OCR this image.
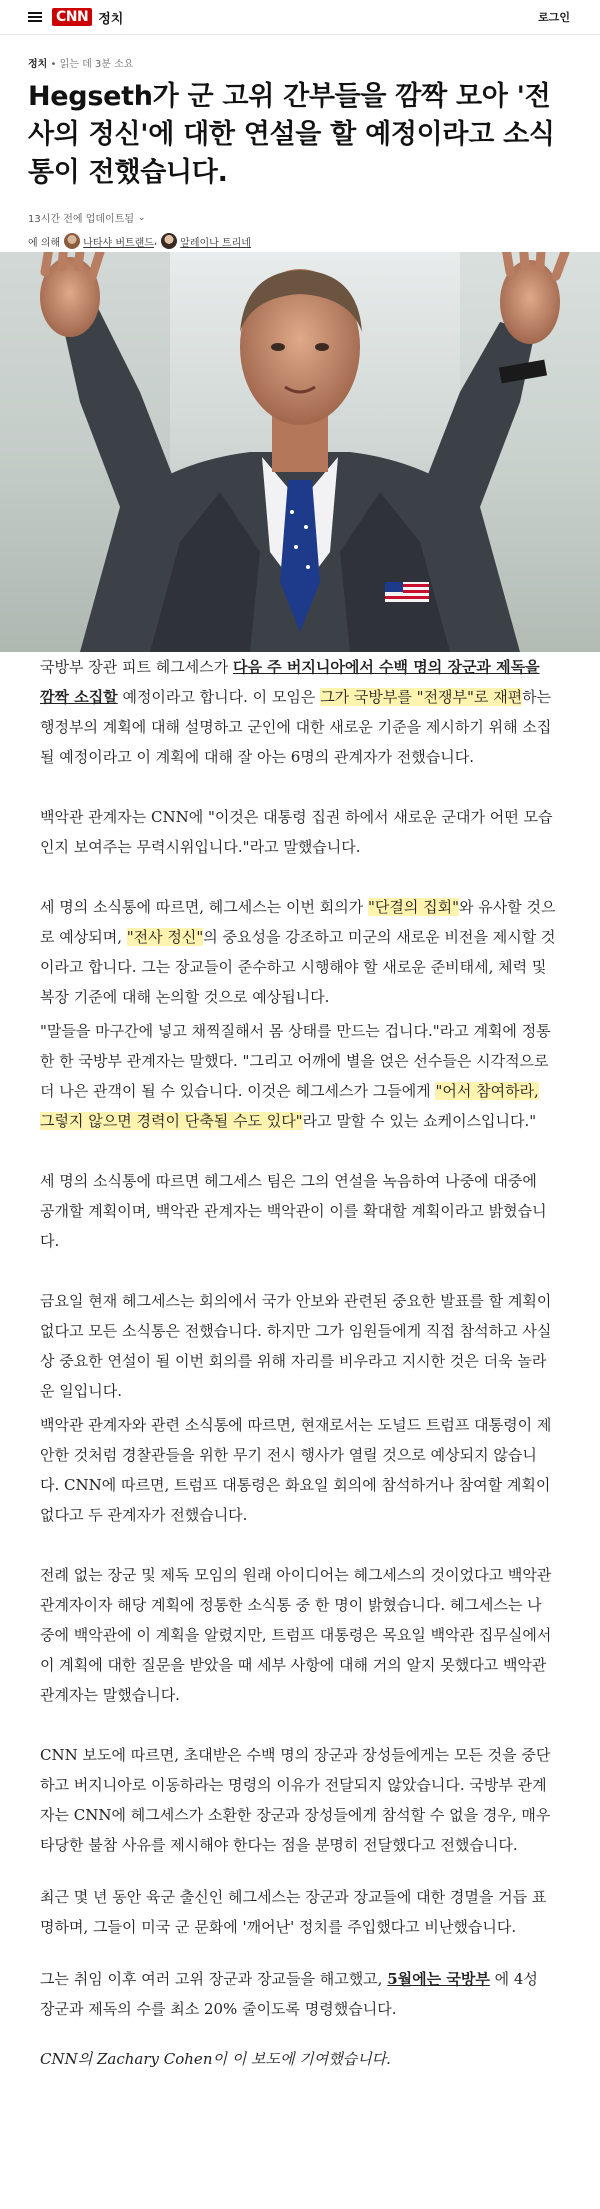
CNN 정치	로그인
정치 • 읽는 데 3분 소요
Hegseth가 군 고위 간부들을 깜짝 모아 '전사의 정신'에 대한 연설을 할 예정이라고 소식통이 전했습니다.
13시간 전에 업데이트됨 ⌄
에 의해 나타샤 버트랜드 , 알레이나 트리네

국방부 장관 피트 헤그세스가 다음 주 버지니아에서 수백 명의 장군과 제독을 깜짝 소집할 예정이라고 합니다. 이 모임은 그가 국방부를 "전쟁부"로 재편하는 행정부의 계획에 대해 설명하고 군인에 대한 새로운 기준을 제시하기 위해 소집될 예정이라고 이 계획에 대해 잘 아는 6명의 관계자가 전했습니다.

백악관 관계자는 CNN에 "이것은 대통령 집권 하에서 새로운 군대가 어떤 모습인지 보여주는 무력시위입니다."라고 말했습니다.

세 명의 소식통에 따르면, 헤그세스는 이번 회의가 "단결의 집회"와 유사할 것으로 예상되며, "전사 정신"의 중요성을 강조하고 미군의 새로운 비전을 제시할 것이라고 합니다. 그는 장교들이 준수하고 시행해야 할 새로운 준비태세, 체력 및 복장 기준에 대해 논의할 것으로 예상됩니다.

"말들을 마구간에 넣고 채찍질해서 몸 상태를 만드는 겁니다."라고 계획에 정통한 한 국방부 관계자는 말했다. "그리고 어깨에 별을 얹은 선수들은 시각적으로 더 나은 관객이 될 수 있습니다. 이것은 헤그세스가 그들에게 "어서 참여하라, 그렇지 않으면 경력이 단축될 수도 있다"라고 말할 수 있는 쇼케이스입니다."

세 명의 소식통에 따르면 헤그세스 팀은 그의 연설을 녹음하여 나중에 대중에 공개할 계획이며, 백악관 관계자는 백악관이 이를 확대할 계획이라고 밝혔습니다.

금요일 현재 헤그세스는 회의에서 국가 안보와 관련된 중요한 발표를 할 계획이 없다고 모든 소식통은 전했습니다. 하지만 그가 임원들에게 직접 참석하고 사실상 중요한 연설이 될 이번 회의를 위해 자리를 비우라고 지시한 것은 더욱 놀라운 일입니다.

백악관 관계자와 관련 소식통에 따르면, 현재로서는 도널드 트럼프 대통령이 제안한 것처럼 경찰관들을 위한 무기 전시 행사가 열릴 것으로 예상되지 않습니다. CNN에 따르면, 트럼프 대통령은 화요일 회의에 참석하거나 참여할 계획이 없다고 두 관계자가 전했습니다.

전례 없는 장군 및 제독 모임의 원래 아이디어는 헤그세스의 것이었다고 백악관 관계자이자 해당 계획에 정통한 소식통 중 한 명이 밝혔습니다. 헤그세스는 나중에 백악관에 이 계획을 알렸지만, 트럼프 대통령은 목요일 백악관 집무실에서 이 계획에 대한 질문을 받았을 때 세부 사항에 대해 거의 알지 못했다고 백악관 관계자는 말했습니다.

CNN 보도에 따르면, 초대받은 수백 명의 장군과 장성들에게는 모든 것을 중단하고 버지니아로 이동하라는 명령의 이유가 전달되지 않았습니다. 국방부 관계자는 CNN에 헤그세스가 소환한 장군과 장성들에게 참석할 수 없을 경우, 매우 타당한 불참 사유를 제시해야 한다는 점을 분명히 전달했다고 전했습니다.

최근 몇 년 동안 육군 출신인 헤그세스는 장군과 장교들에 대한 경멸을 거듭 표명하며, 그들이 미국 군 문화에 '깨어난' 정치를 주입했다고 비난했습니다.

그는 취임 이후 여러 고위 장군과 장교들을 해고했고, 5월에는 국방부 에 4성 장군과 제독의 수를 최소 20% 줄이도록 명령했습니다.

CNN의 Zachary Cohen이 이 보도에 기여했습니다.
